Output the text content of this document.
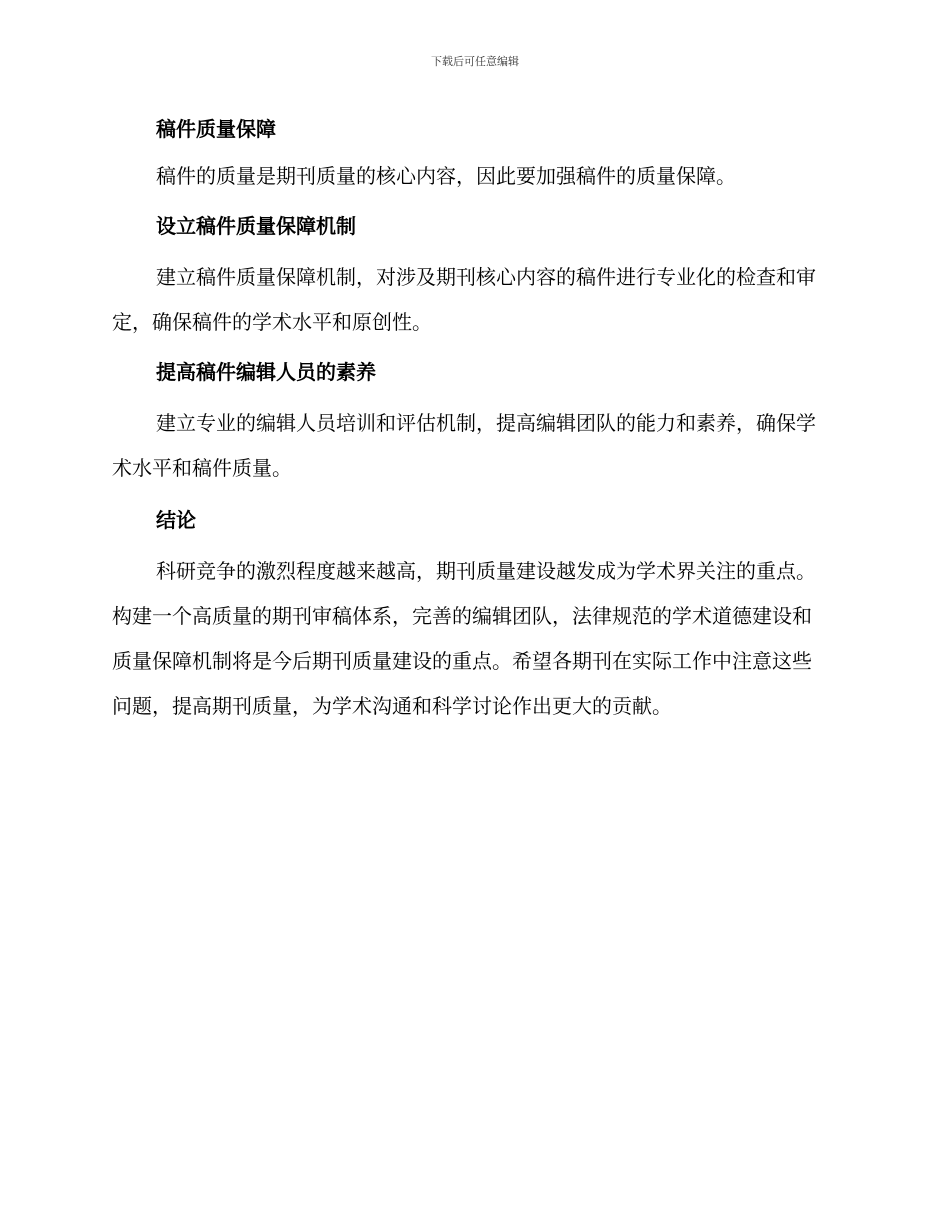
下载后可任意编辑
稿件质量保障

稿件的质量是期刊质量的核心内容，因此要加强稿件的质量保障。

设立稿件质量保障机制

建立稿件质量保障机制，对涉及期刊核心内容的稿件进行专业化的检查和审定，确保稿件的学术水平和原创性。

提高稿件编辑人员的素养

建立专业的编辑人员培训和评估机制，提高编辑团队的能力和素养，确保学术水平和稿件质量。

结论

科研竞争的激烈程度越来越高，期刊质量建设越发成为学术界关注的重点。构建一个高质量的期刊审稿体系，完善的编辑团队，法律规范的学术道德建设和质量保障机制将是今后期刊质量建设的重点。希望各期刊在实际工作中注意这些问题，提高期刊质量，为学术沟通和科学讨论作出更大的贡献。
